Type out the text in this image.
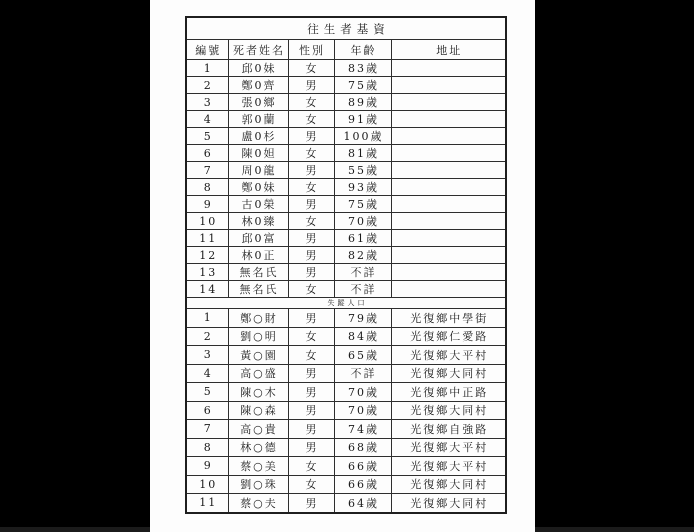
往生者基資				
編號	死者姓名	性別	年齡	地址
1	邱0妹	女	83歲	
2	鄭0齊	男	75歲	
3	張0鄉	女	89歲	
4	郭0蘭	女	91歲	
5	盧0杉	男	100歲	
6	陳0妲	女	81歲	
7	周0龍	男	55歲	
8	鄭0妹	女	93歲	
9	古0榮	男	75歲	
10	林0臻	女	70歲	
11	邱0富	男	61歲	
12	林0正	男	82歲	
13	無名氏	男	不詳	
14	無名氏	女	不詳	
失蹤人口				
1	鄭○財	男	79歲	光復鄉中學街
2	劉○明	女	84歲	光復鄉仁愛路
3	黃○園	女	65歲	光復鄉大平村
4	高○盛	男	不詳	光復鄉大同村
5	陳○木	男	70歲	光復鄉中正路
6	陳○森	男	70歲	光復鄉大同村
7	高○貴	男	74歲	光復鄉自強路
8	林○德	男	68歲	光復鄉大平村
9	蔡○美	女	66歲	光復鄉大平村
10	劉○珠	女	66歲	光復鄉大同村
11	蔡○夫	男	64歲	光復鄉大同村
